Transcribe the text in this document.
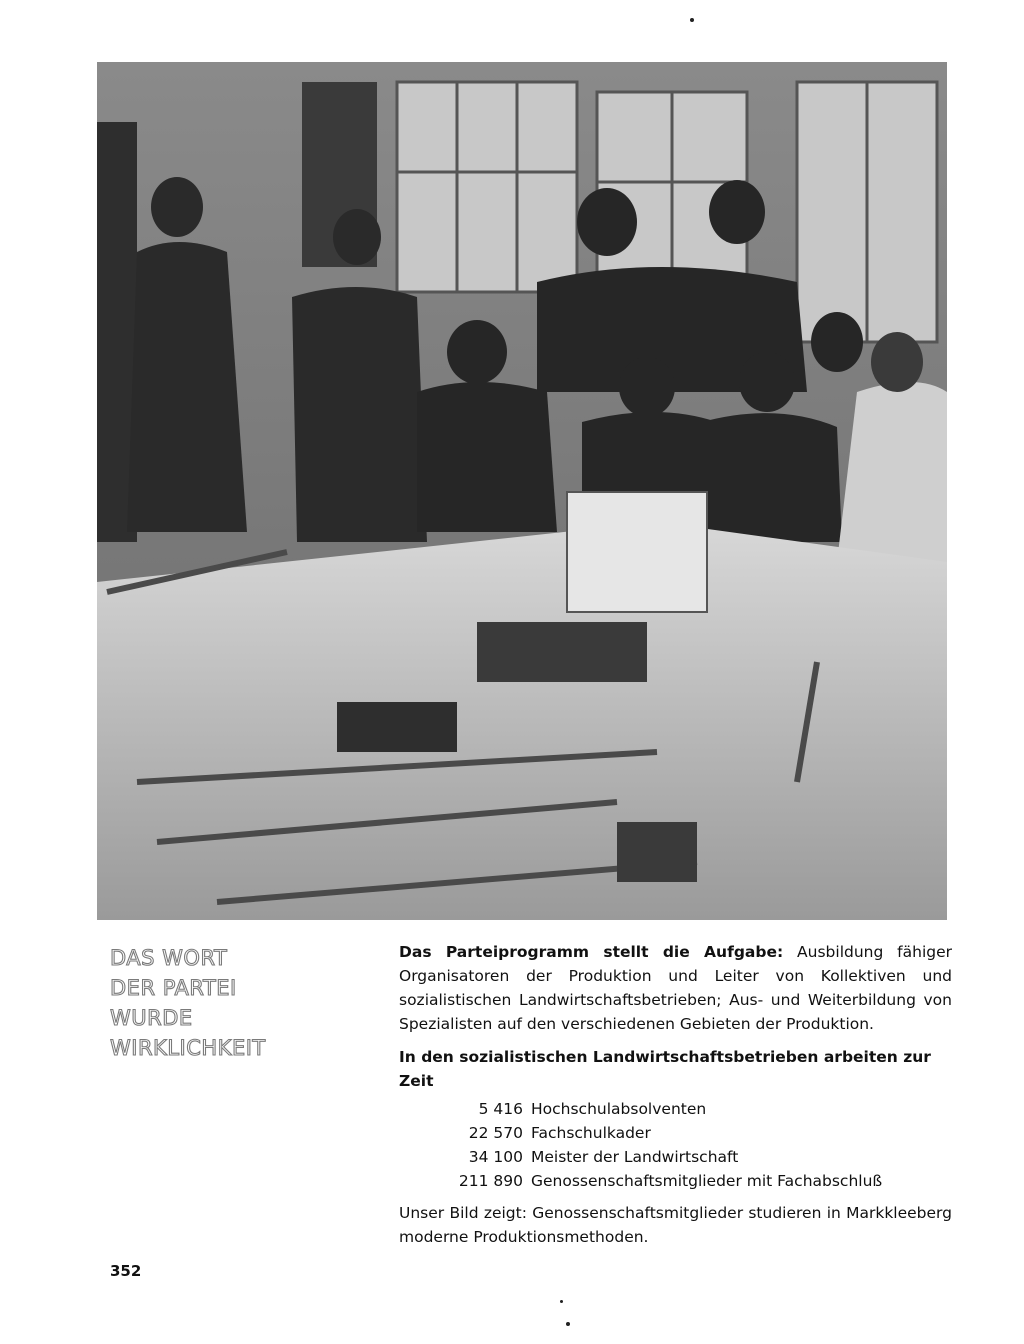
DAS WORT
DER PARTEI
WURDE
WIRKLICHKEIT
Das Parteiprogramm stellt die Aufgabe: Ausbildung fähiger Organisatoren der Produktion und Leiter von Kollektiven und sozialistischen Landwirtschaftsbetrieben; Aus- und Weiterbildung von Spezialisten auf den verschiedenen Gebieten der Produktion.
In den sozialistischen Landwirtschaftsbetrieben arbeiten zur Zeit
5 416 Hochschulabsolventen
22 570 Fachschulkader
34 100 Meister der Landwirtschaft
211 890 Genossenschaftsmitglieder mit Fachabschluß
Unser Bild zeigt: Genossenschaftsmitglieder studieren in Markkleeberg moderne Produktionsmethoden.
352
